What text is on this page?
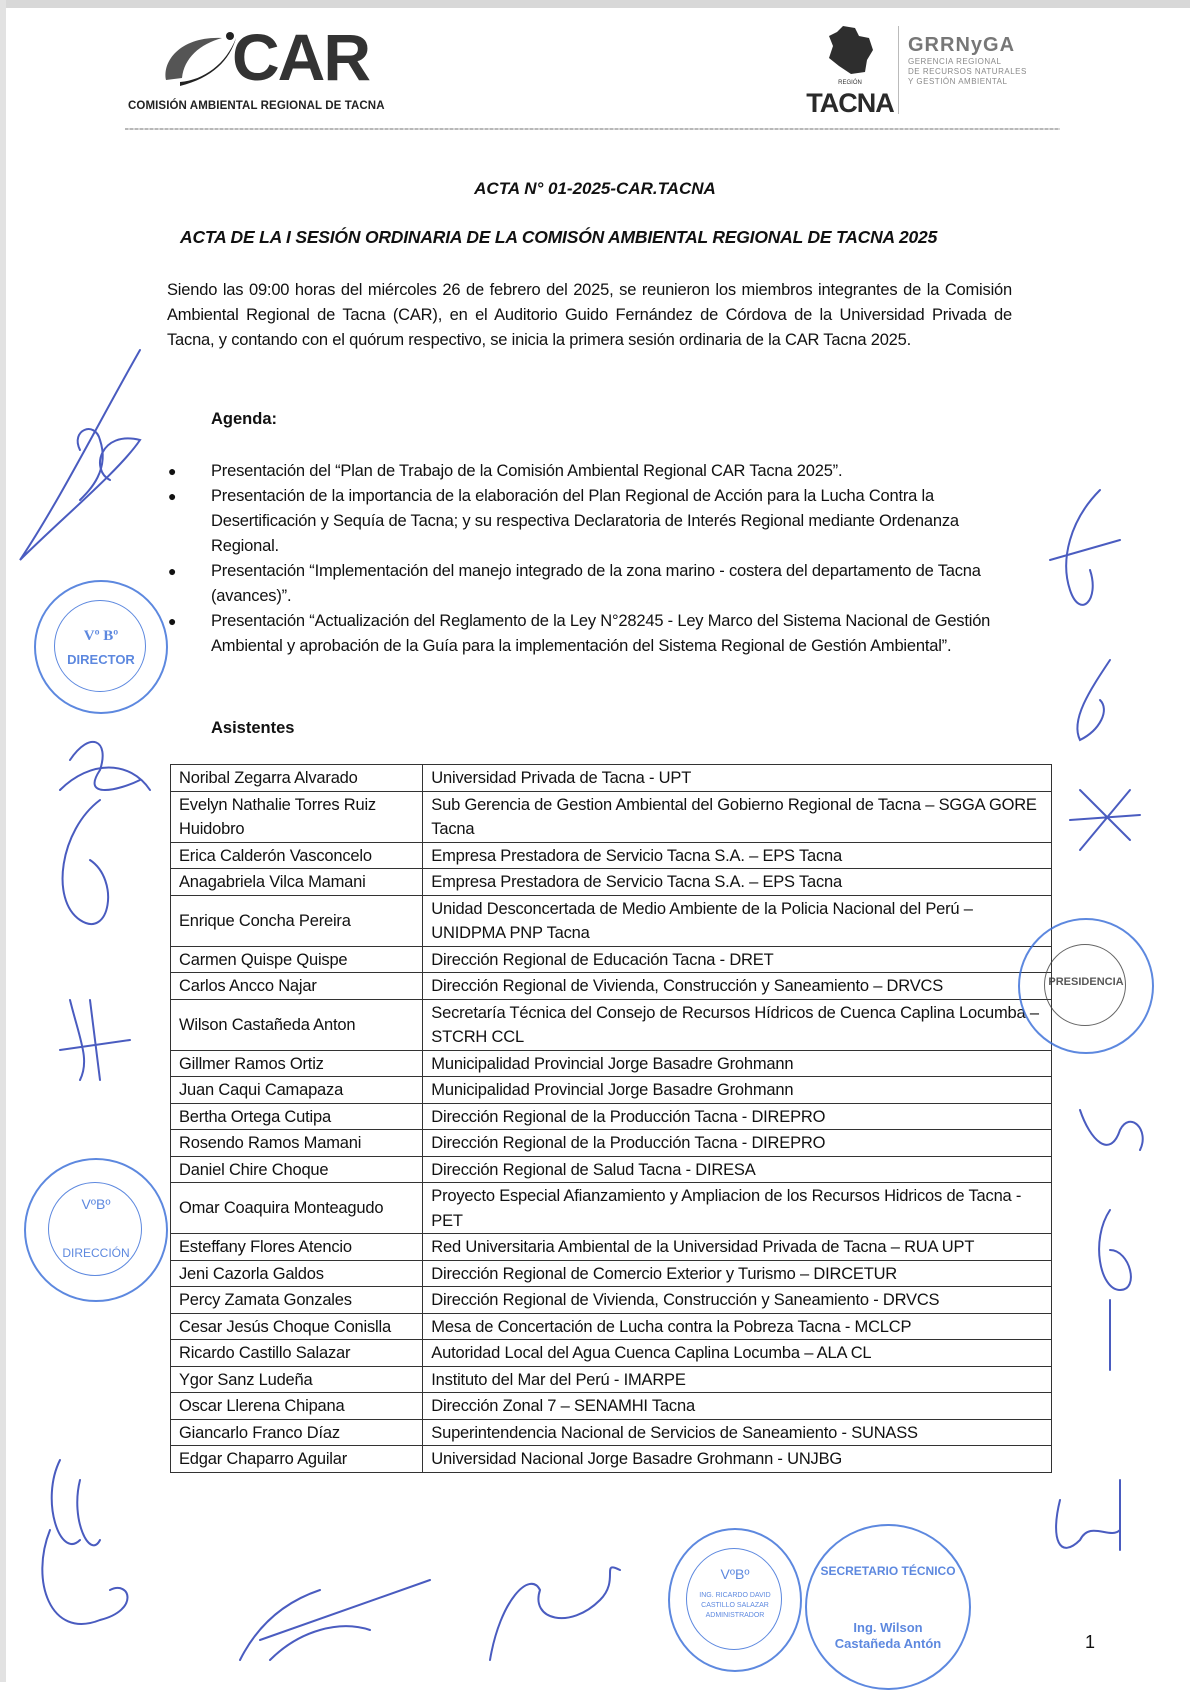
CAR
COMISIÓN AMBIENTAL REGIONAL DE TACNA
REGIÓN
TACNA
GRRNyGA
GERENCIA REGIONAL
DE RECURSOS NATURALES
Y GESTIÓN AMBIENTAL
ACTA N° 01-2025-CAR.TACNA
ACTA DE LA I SESIÓN ORDINARIA DE LA COMISÓN AMBIENTAL REGIONAL DE TACNA 2025

Siendo las 09:00 horas del miércoles 26 de febrero del 2025, se reunieron los miembros integrantes de la Comisión Ambiental Regional de Tacna (CAR), en el Auditorio Guido Fernández de Córdova de la Universidad Privada de Tacna, y contando con el quórum respectivo, se inicia la primera sesión ordinaria de la CAR Tacna 2025.

Agenda:
● Presentación del “Plan de Trabajo de la Comisión Ambiental Regional CAR Tacna 2025”.
● Presentación de la importancia de la elaboración del Plan Regional de Acción para la Lucha Contra la Desertificación y Sequía de Tacna; y su respectiva Declaratoria de Interés Regional mediante Ordenanza Regional.
● Presentación “Implementación del manejo integrado de la zona marino - costera del departamento de Tacna (avances)”.
● Presentación “Actualización del Reglamento de la Ley N°28245 - Ley Marco del Sistema Nacional de Gestión Ambiental y aprobación de la Guía para la implementación del Sistema Regional de Gestión Ambiental”.
Asistentes
Noribal Zegarra Alvarado	Universidad Privada de Tacna - UPT
Evelyn Nathalie Torres Ruiz Huidobro	Sub Gerencia de Gestion Ambiental del Gobierno Regional de Tacna – SGGA GORE Tacna
Erica Calderón Vasconcelo	Empresa Prestadora de Servicio Tacna S.A. – EPS Tacna
Anagabriela Vilca Mamani	Empresa Prestadora de Servicio Tacna S.A. – EPS Tacna
Enrique Concha Pereira	Unidad Desconcertada de Medio Ambiente de la Policia Nacional del Perú – UNIDPMA PNP Tacna
Carmen Quispe Quispe	Dirección Regional de Educación Tacna - DRET
Carlos Ancco Najar	Dirección Regional de Vivienda, Construcción y Saneamiento – DRVCS
Wilson Castañeda Anton	Secretaría Técnica del Consejo de Recursos Hídricos de Cuenca Caplina Locumba – STCRH CCL
Gillmer Ramos Ortiz	Municipalidad Provincial Jorge Basadre Grohmann
Juan Caqui Camapaza	Municipalidad Provincial Jorge Basadre Grohmann
Bertha Ortega Cutipa	Dirección Regional de la Producción Tacna - DIREPRO
Rosendo Ramos Mamani	Dirección Regional de la Producción Tacna - DIREPRO
Daniel Chire Choque	Dirección Regional de Salud Tacna - DIRESA
Omar Coaquira Monteagudo	Proyecto Especial Afianzamiento y Ampliacion de los Recursos Hidricos de Tacna - PET
Esteffany Flores Atencio	Red Universitaria Ambiental de la Universidad Privada de Tacna – RUA UPT
Jeni Cazorla Galdos	Dirección Regional de Comercio Exterior y Turismo – DIRCETUR
Percy Zamata Gonzales	Dirección Regional de Vivienda, Construcción y Saneamiento - DRVCS
Cesar Jesús Choque Conislla	Mesa de Concertación de Lucha contra la Pobreza Tacna - MCLCP
Ricardo Castillo Salazar	Autoridad Local del Agua Cuenca Caplina Locumba – ALA CL
Ygor Sanz Ludeña	Instituto del Mar del Perú - IMARPE
Oscar Llerena Chipana	Dirección Zonal 7 – SENAMHI Tacna
Giancarlo Franco Díaz	Superintendencia Nacional de Servicios de Saneamiento - SUNASS
Edgar Chaparro Aguilar	Universidad Nacional Jorge Basadre Grohmann - UNJBG
1
Vº Bº
DIRECTOR
PRESIDENCIA
VºBº
DIRECCIÓN
VºBº
ING. RICARDO DAVID
CASTILLO SALAZAR
ADMINISTRADOR
SECRETARIO TÉCNICO
Ing. Wilson
Castañeda Antón
